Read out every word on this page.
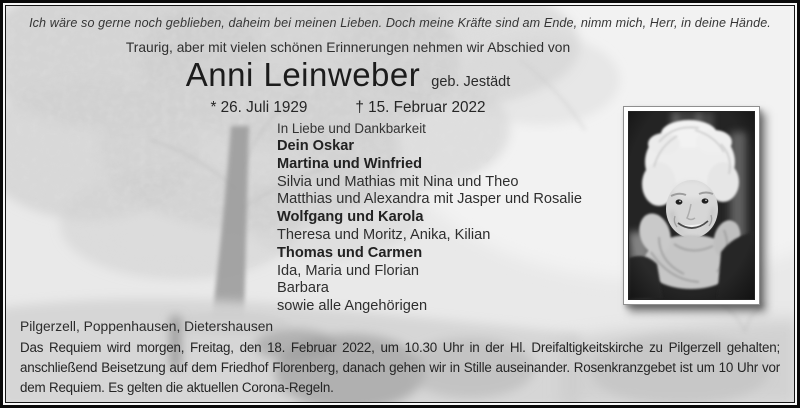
Ich wäre so gerne noch geblieben, daheim bei meinen Lieben. Doch meine Kräfte sind am Ende, nimm mich, Herr, in deine Hände.
Traurig, aber mit vielen schönen Erinnerungen nehmen wir Abschied von
Anni Leinweber geb. Jestädt
* 26. Juli 1929	† 15. Februar 2022
In Liebe und Dankbarkeit
Dein Oskar
Martina und Winfried
Silvia und Mathias mit Nina und Theo
Matthias und Alexandra mit Jasper und Rosalie
Wolfgang und Karola
Theresa und Moritz, Anika, Kilian
Thomas und Carmen
Ida, Maria und Florian
Barbara
sowie alle Angehörigen
Pilgerzell, Poppenhausen, Dietershausen
Das Requiem wird morgen, Freitag, den 18. Februar 2022, um 10.30 Uhr in der Hl. Dreifaltigkeitskirche zu Pilgerzell gehalten; anschließend Beisetzung auf dem Friedhof Florenberg, danach gehen wir in Stille auseinander. Rosenkranzgebet ist um 10 Uhr vor dem Requiem. Es gelten die aktuellen Corona-Regeln.
